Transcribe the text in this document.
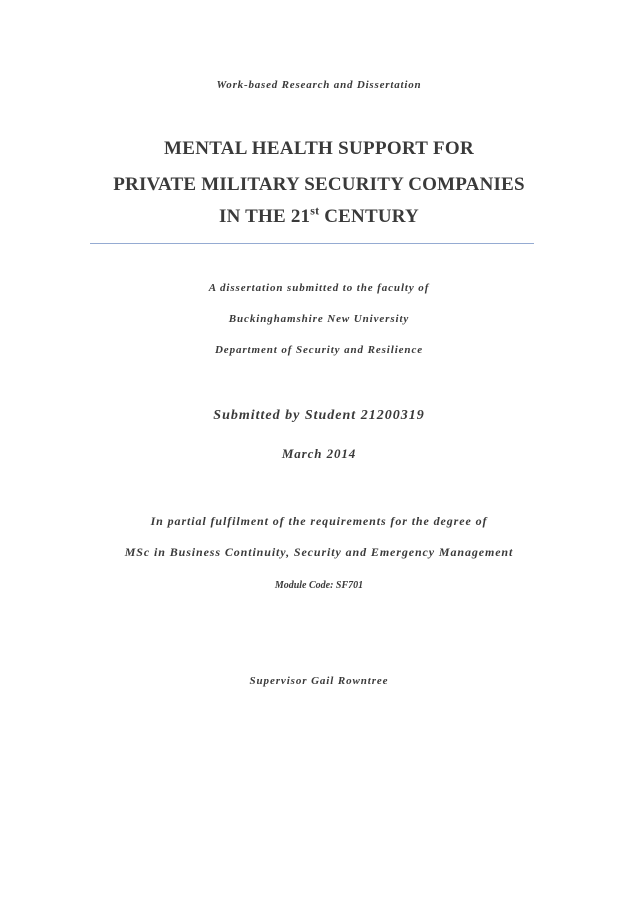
Work-based Research and Dissertation
MENTAL HEALTH SUPPORT FOR
PRIVATE MILITARY SECURITY COMPANIES
IN THE 21st CENTURY
A dissertation submitted to the faculty of
Buckinghamshire New University
Department of Security and Resilience
Submitted by Student 21200319
March 2014
In partial fulfilment of the requirements for the degree of
MSc in Business Continuity, Security and Emergency Management
Module Code: SF701
Supervisor Gail Rowntree
